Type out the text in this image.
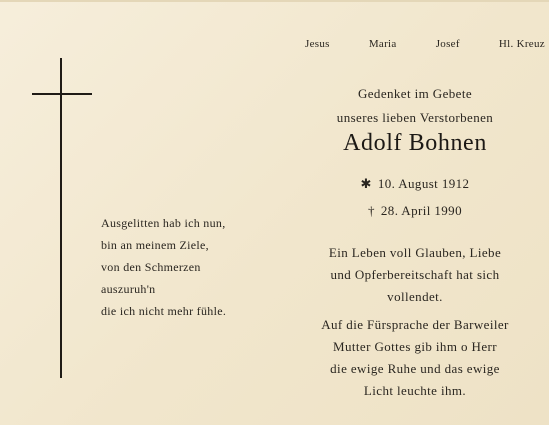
Ausgelitten hab ich nun,
bin an meinem Ziele,
von den Schmerzen
auszuruh'n
die ich nicht mehr fühle.
Jesus	Maria	Josef	Hl. Kreuz
Gedenket im Gebete
unseres lieben Verstorbenen
Adolf Bohnen
✱ 10. August 1912
† 28. April 1990
Ein Leben voll Glauben, Liebe
und Opferbereitschaft hat sich
vollendet.
Auf die Fürsprache der Barweiler
Mutter Gottes gib ihm o Herr
die ewige Ruhe und das ewige
Licht leuchte ihm.
